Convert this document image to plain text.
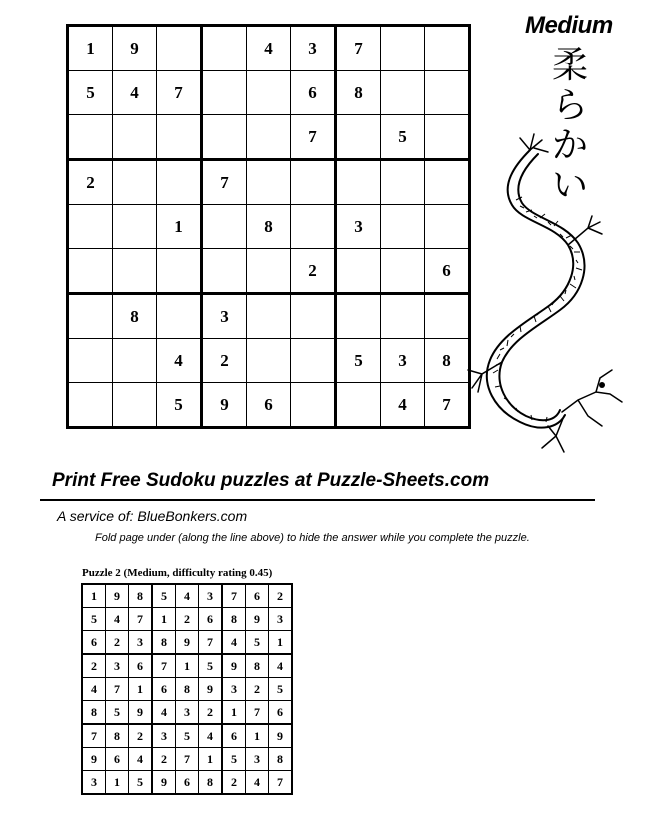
1	9			4	3	7		
5	4	7			6	8		
					7		5	
2			7					
		1		8		3		
					2			6
	8		3					
		4	2			5	3	8
		5	9	6			4	7
Medium
柔
ら
か
い
Print Free Sudoku puzzles at Puzzle-Sheets.com
A service of: BlueBonkers.com
Fold page under (along the line above) to hide the answer while you complete the puzzle.
Puzzle 2 (Medium, difficulty rating 0.45)
1	9	8	5	4	3	7	6	2
5	4	7	1	2	6	8	9	3
6	2	3	8	9	7	4	5	1
2	3	6	7	1	5	9	8	4
4	7	1	6	8	9	3	2	5
8	5	9	4	3	2	1	7	6
7	8	2	3	5	4	6	1	9
9	6	4	2	7	1	5	3	8
3	1	5	9	6	8	2	4	7
